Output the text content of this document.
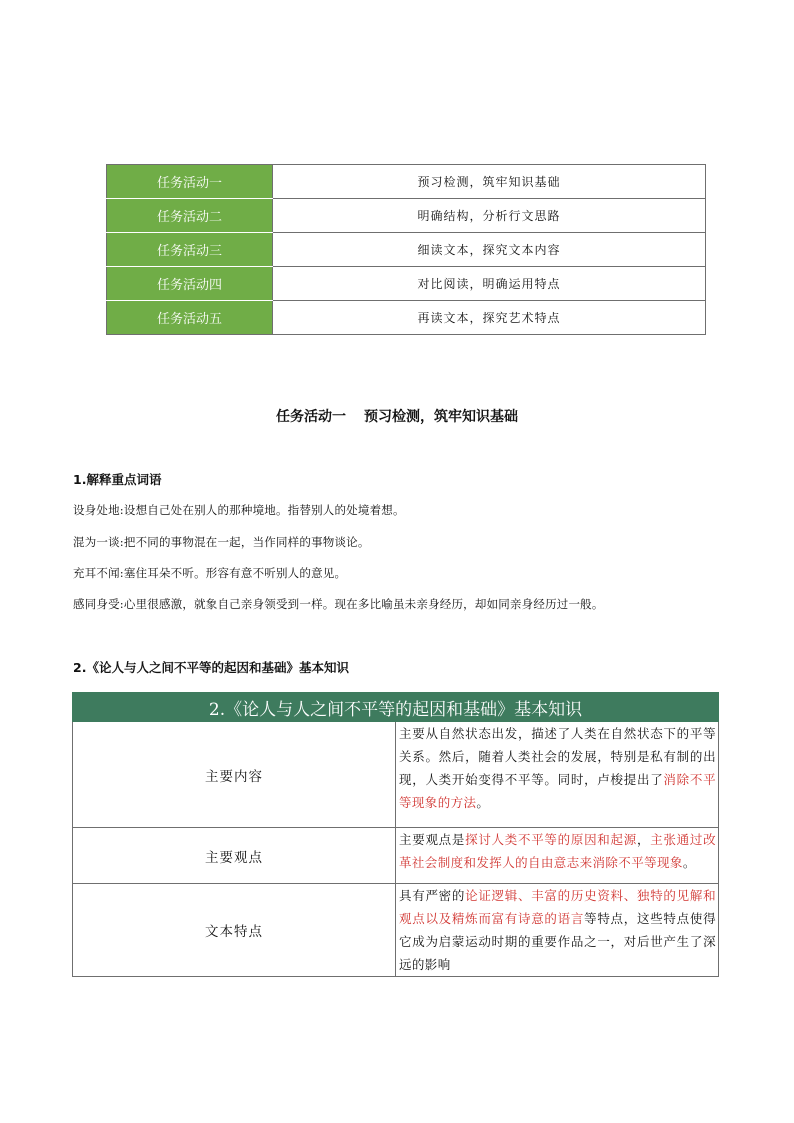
任务活动一	预习检测，筑牢知识基础
任务活动二	明确结构，分析行文思路
任务活动三	细读文本，探究文本内容
任务活动四	对比阅读，明确运用特点
任务活动五	再读文本，探究艺术特点
任务活动一 预习检测，筑牢知识基础
1.解释重点词语
设身处地:设想自己处在别人的那种境地。指替别人的处境着想。
混为一谈:把不同的事物混在一起，当作同样的事物谈论。
充耳不闻:塞住耳朵不听。形容有意不听别人的意见。
感同身受:心里很感激，就象自己亲身领受到一样。现在多比喻虽未亲身经历，却如同亲身经历过一般。
2.《论人与人之间不平等的起因和基础》基本知识
2.《论人与人之间不平等的起因和基础》基本知识	
主要内容	主要从自然状态出发，描述了人类在自然状态下的平等关系。然后，随着人类社会的发展，特别是私有制的出现，人类开始变得不平等。同时，卢梭提出了消除不平等现象的方法。
主要观点	主要观点是探讨人类不平等的原因和起源，主张通过改革社会制度和发挥人的自由意志来消除不平等现象。
文本特点	具有严密的论证逻辑、丰富的历史资料、独特的见解和观点以及精炼而富有诗意的语言等特点，这些特点使得它成为启蒙运动时期的重要作品之一，对后世产生了深远的影响
